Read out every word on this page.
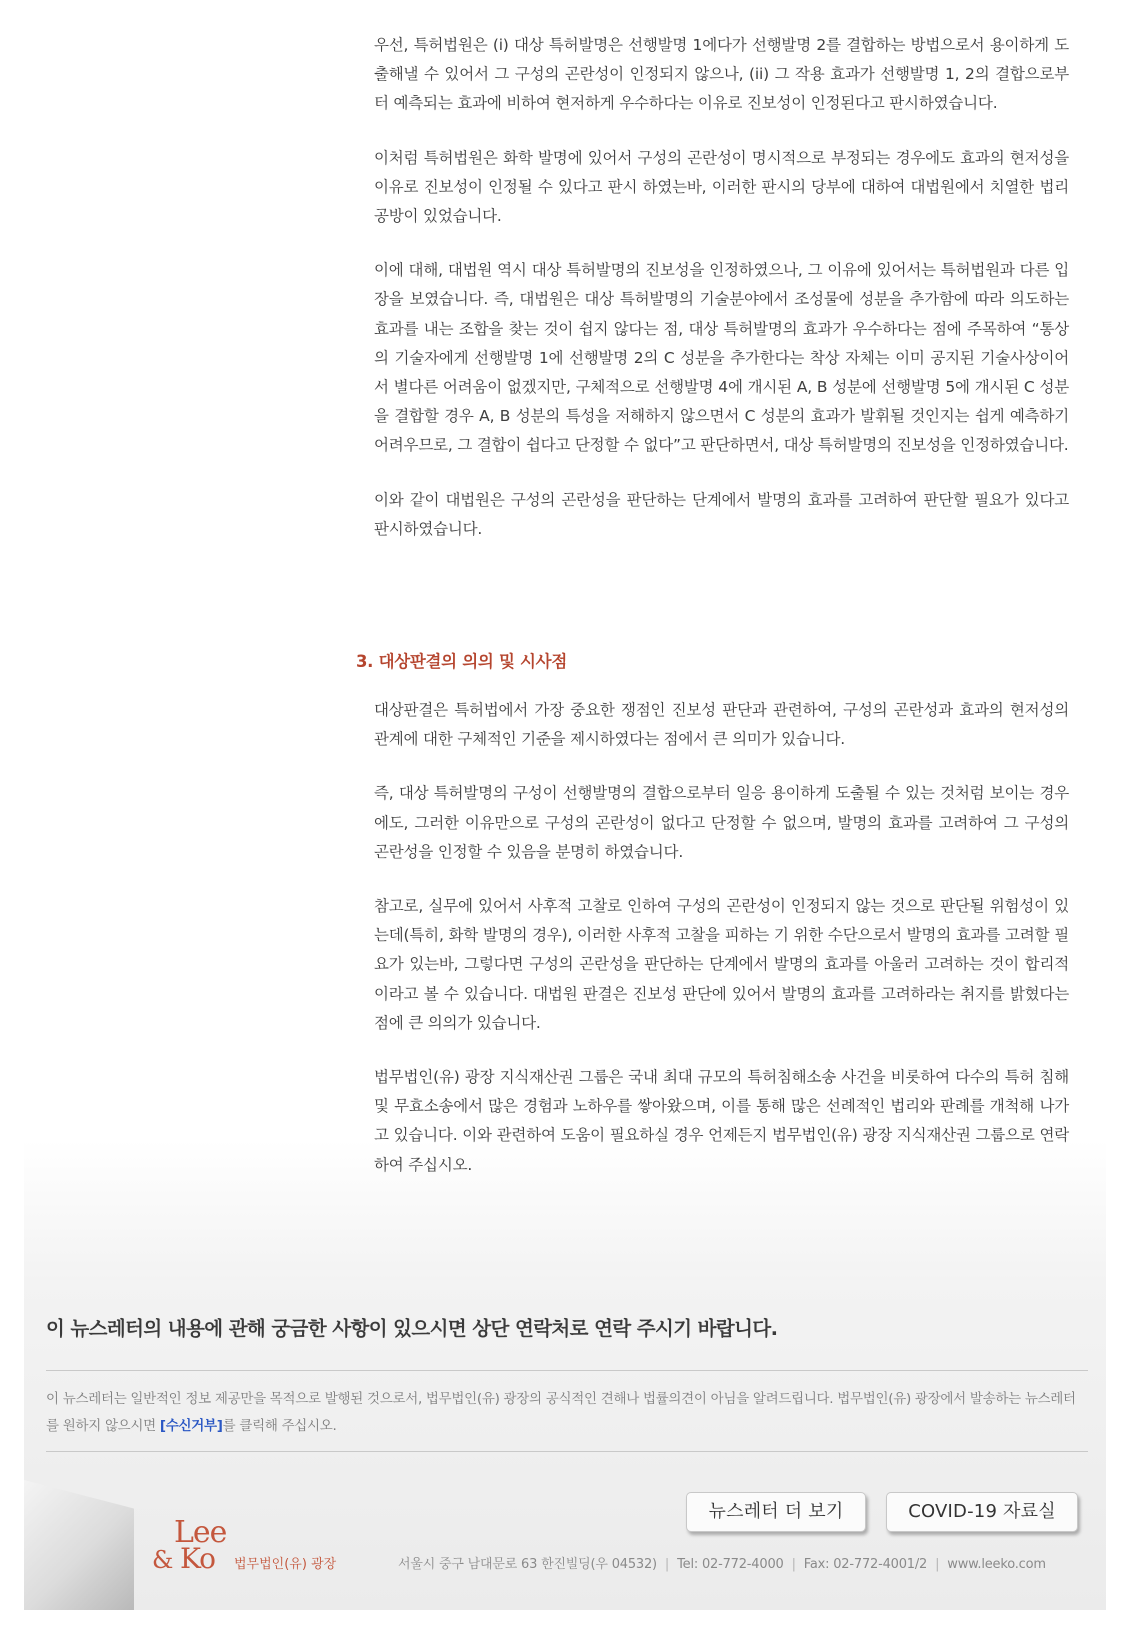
우선, 특허법원은 (i) 대상 특허발명은 선행발명 1에다가 선행발명 2를 결합하는 방법으로서 용이하게 도출해낼 수 있어서 그 구성의 곤란성이 인정되지 않으나, (ii) 그 작용 효과가 선행발명 1, 2의 결합으로부터 예측되는 효과에 비하여 현저하게 우수하다는 이유로 진보성이 인정된다고 판시하였습니다.

이처럼 특허법원은 화학 발명에 있어서 구성의 곤란성이 명시적으로 부정되는 경우에도 효과의 현저성을 이유로 진보성이 인정될 수 있다고 판시 하였는바, 이러한 판시의 당부에 대하여 대법원에서 치열한 법리 공방이 있었습니다.

이에 대해, 대법원 역시 대상 특허발명의 진보성을 인정하였으나, 그 이유에 있어서는 특허법원과 다른 입장을 보였습니다. 즉, 대법원은 대상 특허발명의 기술분야에서 조성물에 성분을 추가함에 따라 의도하는 효과를 내는 조합을 찾는 것이 쉽지 않다는 점, 대상 특허발명의 효과가 우수하다는 점에 주목하여 “통상의 기술자에게 선행발명 1에 선행발명 2의 C 성분을 추가한다는 착상 자체는 이미 공지된 기술사상이어서 별다른 어려움이 없겠지만, 구체적으로 선행발명 4에 개시된 A, B 성분에 선행발명 5에 개시된 C 성분을 결합할 경우 A, B 성분의 특성을 저해하지 않으면서 C 성분의 효과가 발휘될 것인지는 쉽게 예측하기 어려우므로, 그 결합이 쉽다고 단정할 수 없다”고 판단하면서, 대상 특허발명의 진보성을 인정하였습니다.

이와 같이 대법원은 구성의 곤란성을 판단하는 단계에서 발명의 효과를 고려하여 판단할 필요가 있다고 판시하였습니다.

3. 대상판결의 의의 및 시사점

대상판결은 특허법에서 가장 중요한 쟁점인 진보성 판단과 관련하여, 구성의 곤란성과 효과의 현저성의 관계에 대한 구체적인 기준을 제시하였다는 점에서 큰 의미가 있습니다.

즉, 대상 특허발명의 구성이 선행발명의 결합으로부터 일응 용이하게 도출될 수 있는 것처럼 보이는 경우에도, 그러한 이유만으로 구성의 곤란성이 없다고 단정할 수 없으며, 발명의 효과를 고려하여 그 구성의 곤란성을 인정할 수 있음을 분명히 하였습니다.

참고로, 실무에 있어서 사후적 고찰로 인하여 구성의 곤란성이 인정되지 않는 것으로 판단될 위험성이 있는데(특히, 화학 발명의 경우), 이러한 사후적 고찰을 피하는 기 위한 수단으로서 발명의 효과를 고려할 필요가 있는바, 그렇다면 구성의 곤란성을 판단하는 단계에서 발명의 효과를 아울러 고려하는 것이 합리적이라고 볼 수 있습니다. 대법원 판결은 진보성 판단에 있어서 발명의 효과를 고려하라는 취지를 밝혔다는 점에 큰 의의가 있습니다.

법무법인(유) 광장 지식재산권 그룹은 국내 최대 규모의 특허침해소송 사건을 비롯하여 다수의 특허 침해 및 무효소송에서 많은 경험과 노하우를 쌓아왔으며, 이를 통해 많은 선례적인 법리와 판례를 개척해 나가고 있습니다. 이와 관련하여 도움이 필요하실 경우 언제든지 법무법인(유) 광장 지식재산권 그룹으로 연락하여 주십시오.

이 뉴스레터의 내용에 관해 궁금한 사항이 있으시면 상단 연락처로 연락 주시기 바랍니다.
이 뉴스레터는 일반적인 정보 제공만을 목적으로 발행된 것으로서, 법무법인(유) 광장의 공식적인 견해나 법률의견이 아님을 알려드립니다. 법무법인(유) 광장에서 발송하는 뉴스레터를 원하지 않으시면 [수신거부]를 클릭해 주십시오.
뉴스레터 더 보기	COVID-19 자료실
Lee
& Ko 법무법인(유) 광장	서울시 중구 남대문로 63 한진빌딩(우 04532) | Tel: 02-772-4000 | Fax: 02-772-4001/2 | www.leeko.com
